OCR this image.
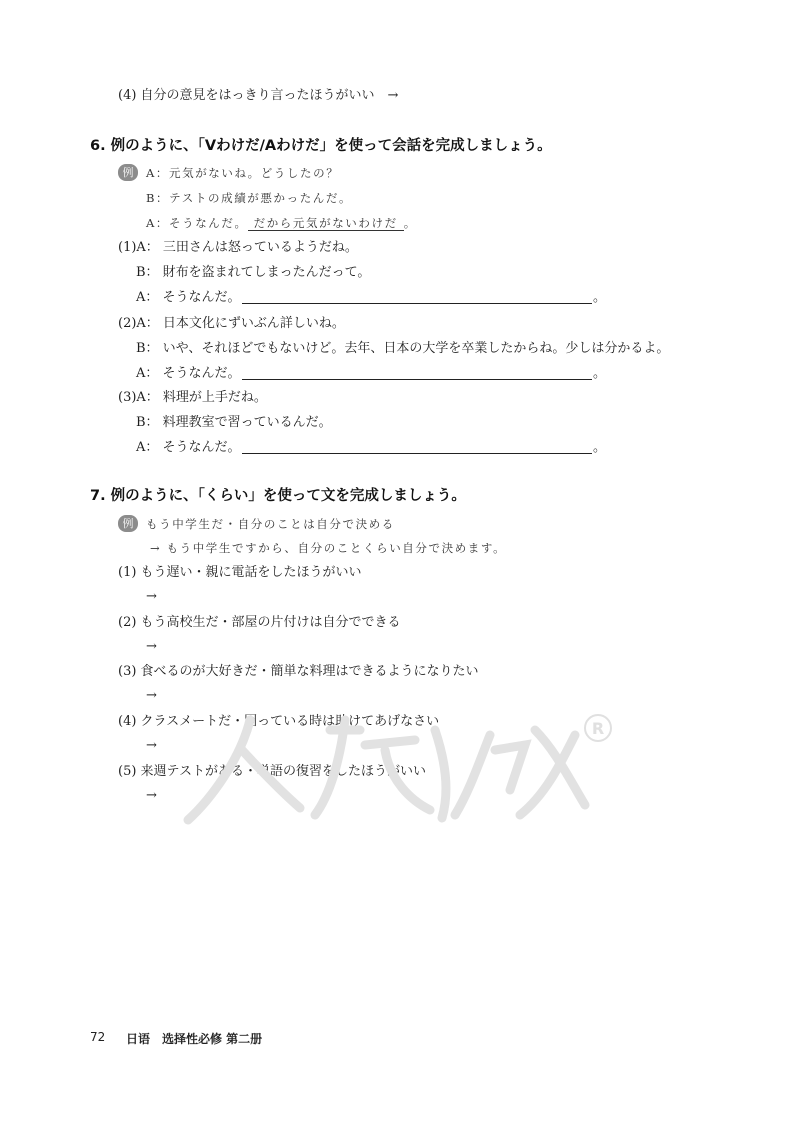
(4) 自分の意見をはっきり言ったほうがいい　→
6. 例のように、「Vわけだ/Aわけだ」を使って会話を完成しましょう。
例	A：元気がないね。どうしたの？
B：テストの成績が悪かったんだ。
A：そうなんだ。 だから元気がないわけだ 。
(1)A： 三田さんは怒っているようだね。
B： 財布を盗まれてしまったんだって。
A： そうなんだ。	。
(2)A： 日本文化にずいぶん詳しいね。
B： いや、それほどでもないけど。去年、日本の大学を卒業したからね。少しは分かるよ。
A： そうなんだ。	。
(3)A： 料理が上手だね。
B： 料理教室で習っているんだ。
A： そうなんだ。	。
7. 例のように、「くらい」を使って文を完成しましょう。
例	もう中学生だ・自分のことは自分で決める
→ もう中学生ですから、自分のことくらい自分で決めます。
(1) もう遅い・親に電話をしたほうがいい
→
(2) もう高校生だ・部屋の片付けは自分でできる
→
(3) 食べるのが大好きだ・簡単な料理はできるようになりたい
→
(4) クラスメートだ・困っている時は助けてあげなさい
→
(5) 来週テストがある・単語の復習をしたほうがいい
→
R
72 日语　选择性必修 第二册
